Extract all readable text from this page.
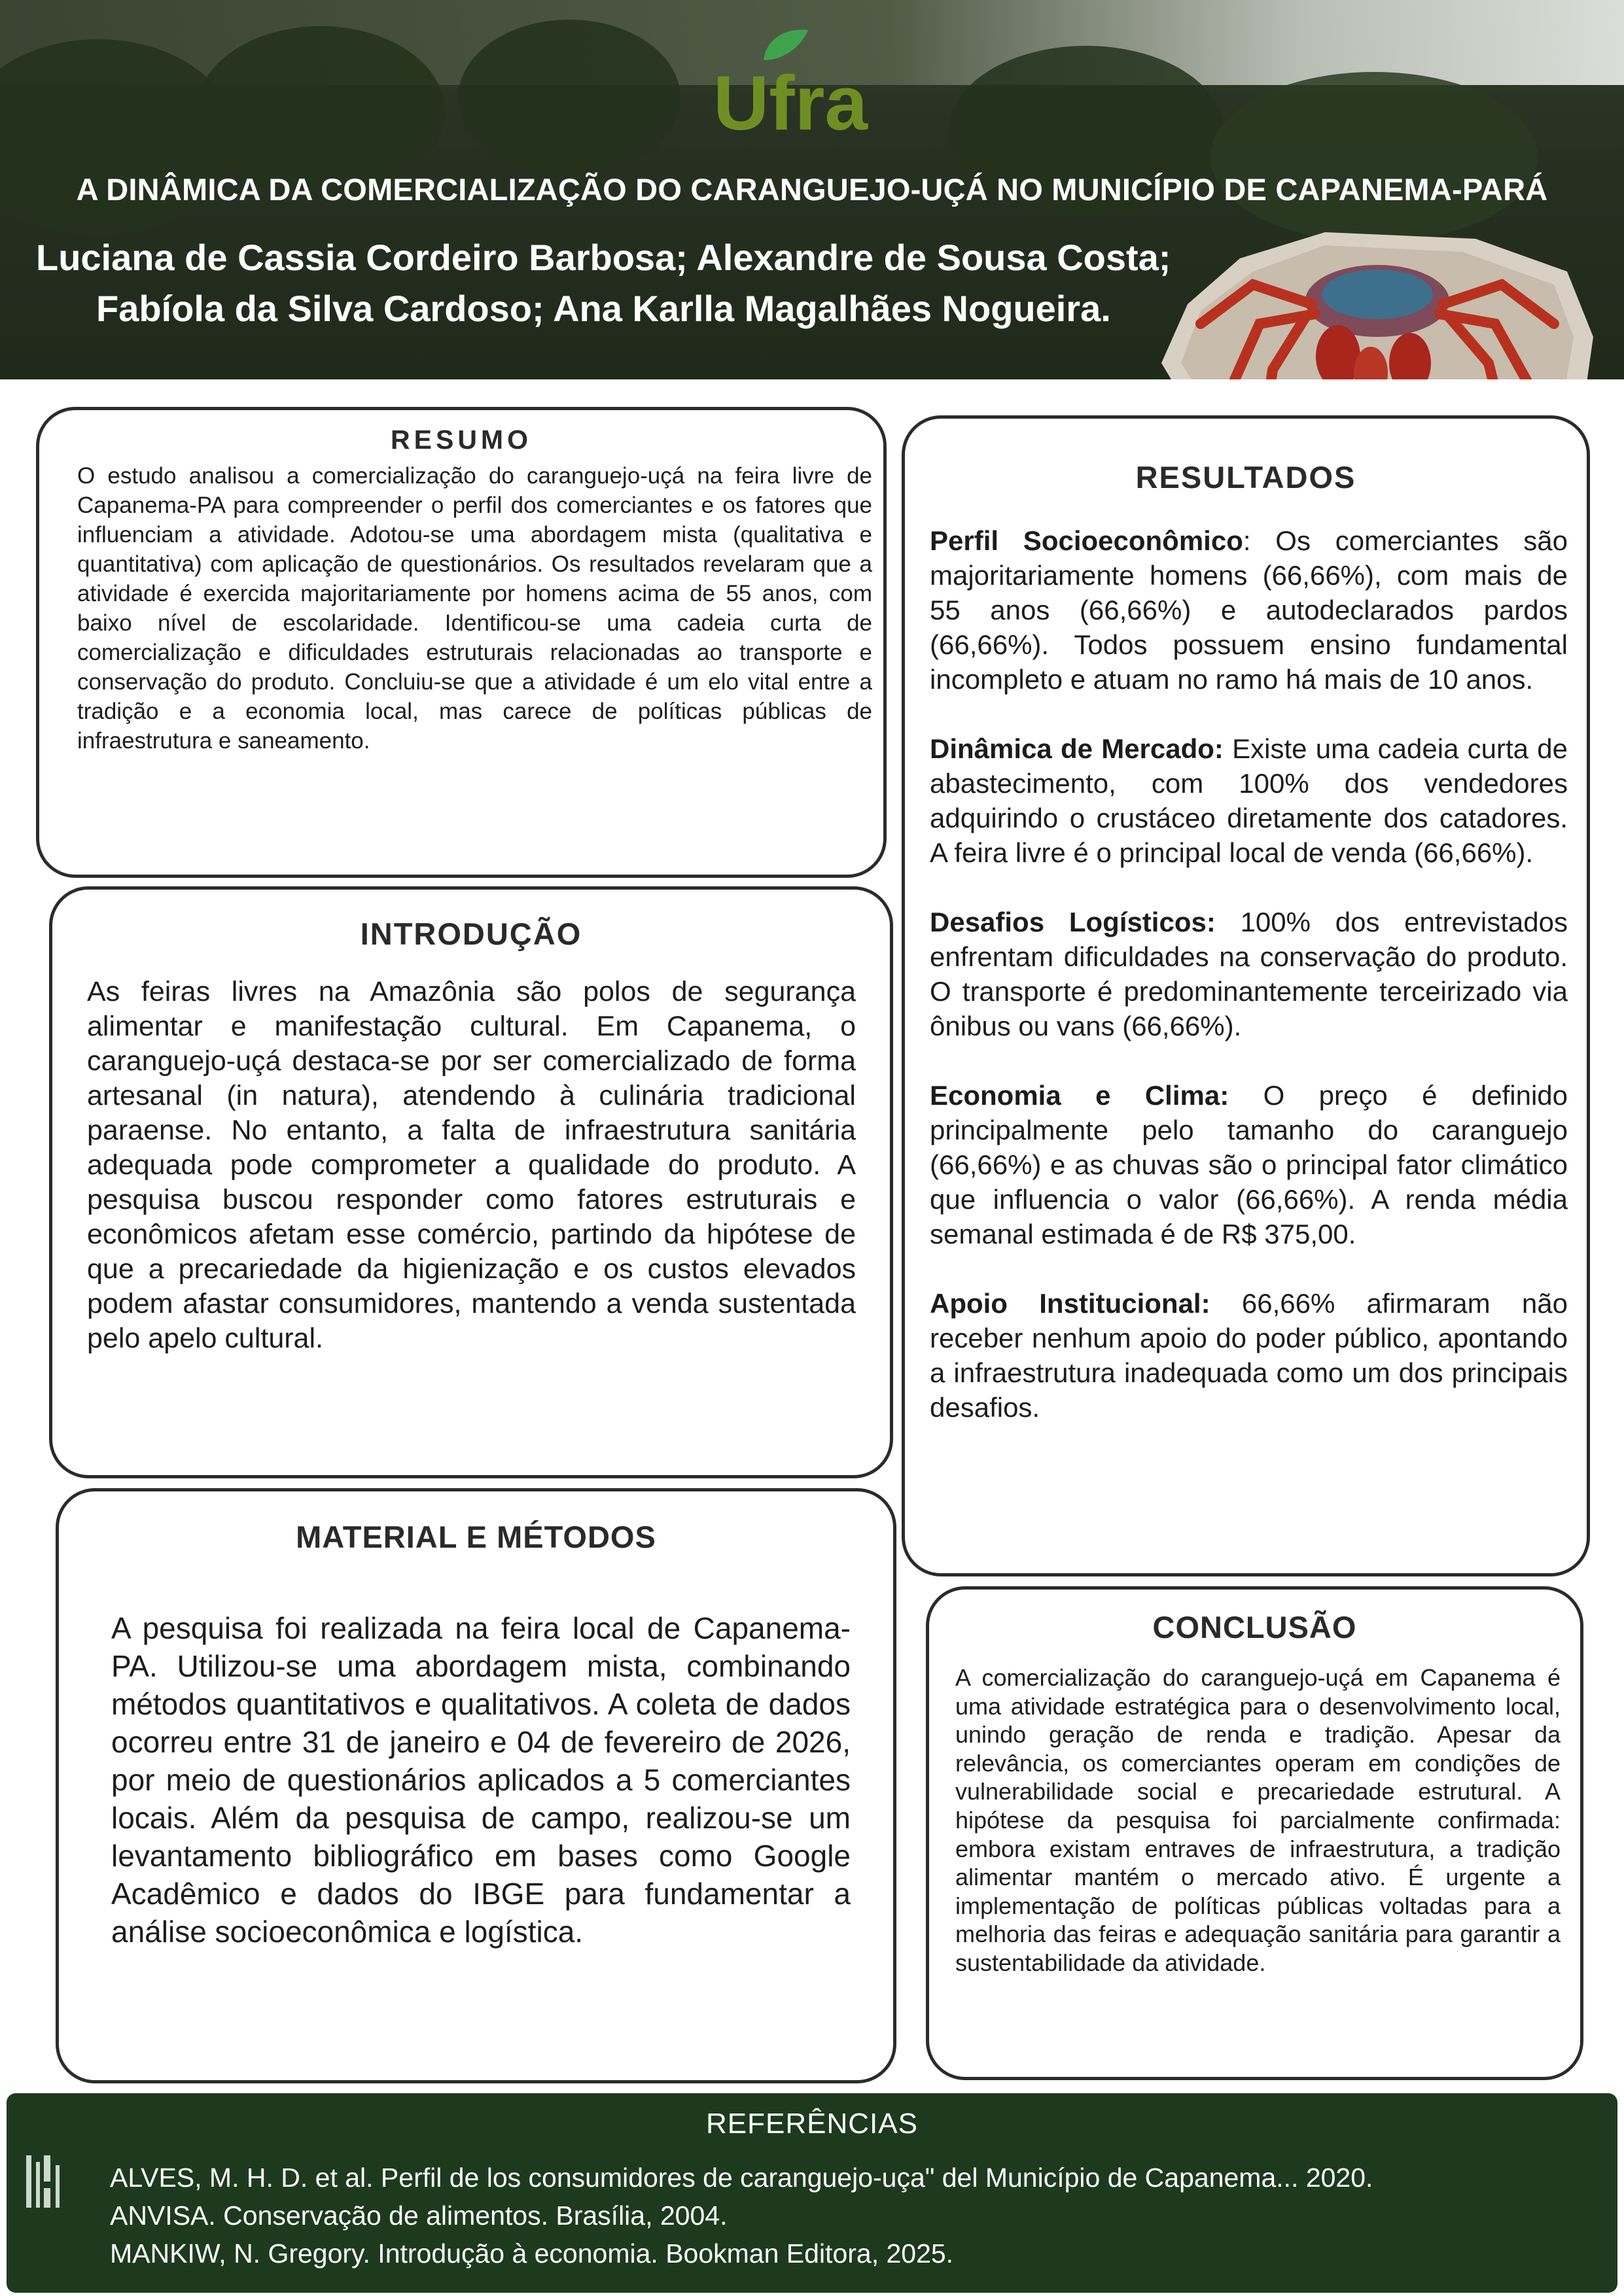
Ufra
A DINÂMICA DA COMERCIALIZAÇÃO DO CARANGUEJO-UÇÁ NO MUNICÍPIO DE CAPANEMA-PARÁ
Luciana de Cassia Cordeiro Barbosa; Alexandre de Sousa Costa;
Fabíola da Silva Cardoso; Ana Karlla Magalhães Nogueira.
RESUMO

O estudo analisou a comercialização do caranguejo-uçá na feira livre de Capanema-PA para compreender o perfil dos comerciantes e os fatores que influenciam a atividade. Adotou-se uma abordagem mista (qualitativa e quantitativa) com aplicação de questionários. Os resultados revelaram que a atividade é exercida majoritariamente por homens acima de 55 anos, com baixo nível de escolaridade. Identificou-se uma cadeia curta de comercialização e dificuldades estruturais relacionadas ao transporte e conservação do produto. Concluiu-se que a atividade é um elo vital entre a tradição e a economia local, mas carece de políticas públicas de infraestrutura e saneamento.

INTRODUÇÃO

As feiras livres na Amazônia são polos de segurança alimentar e manifestação cultural. Em Capanema, o caranguejo-uçá destaca-se por ser comercializado de forma artesanal (in natura), atendendo à culinária tradicional paraense. No entanto, a falta de infraestrutura sanitária adequada pode comprometer a qualidade do produto. A pesquisa buscou responder como fatores estruturais e econômicos afetam esse comércio, partindo da hipótese de que a precariedade da higienização e os custos elevados podem afastar consumidores, mantendo a venda sustentada pelo apelo cultural.

MATERIAL E MÉTODOS

A pesquisa foi realizada na feira local de Capanema-PA. Utilizou-se uma abordagem mista, combinando métodos quantitativos e qualitativos. A coleta de dados ocorreu entre 31 de janeiro e 04 de fevereiro de 2026, por meio de questionários aplicados a 5 comerciantes locais. Além da pesquisa de campo, realizou-se um levantamento bibliográfico em bases como Google Acadêmico e dados do IBGE para fundamentar a análise socioeconômica e logística.

RESULTADOS

Perfil Socioeconômico: Os comerciantes são majoritariamente homens (66,66%), com mais de 55 anos (66,66%) e autodeclarados pardos (66,66%). Todos possuem ensino fundamental incompleto e atuam no ramo há mais de 10 anos.

Dinâmica de Mercado: Existe uma cadeia curta de abastecimento, com 100% dos vendedores adquirindo o crustáceo diretamente dos catadores. A feira livre é o principal local de venda (66,66%).

Desafios Logísticos: 100% dos entrevistados enfrentam dificuldades na conservação do produto. O transporte é predominantemente terceirizado via ônibus ou vans (66,66%).

Economia e Clima: O preço é definido principalmente pelo tamanho do caranguejo (66,66%) e as chuvas são o principal fator climático que influencia o valor (66,66%). A renda média semanal estimada é de R$ 375,00.

Apoio Institucional: 66,66% afirmaram não receber nenhum apoio do poder público, apontando a infraestrutura inadequada como um dos principais desafios.

CONCLUSÃO

A comercialização do caranguejo-uçá em Capanema é uma atividade estratégica para o desenvolvimento local, unindo geração de renda e tradição. Apesar da relevância, os comerciantes operam em condições de vulnerabilidade social e precariedade estrutural. A hipótese da pesquisa foi parcialmente confirmada: embora existam entraves de infraestrutura, a tradição alimentar mantém o mercado ativo. É urgente a implementação de políticas públicas voltadas para a melhoria das feiras e adequação sanitária para garantir a sustentabilidade da atividade.

REFERÊNCIAS
ALVES, M. H. D. et al. Perfil de los consumidores de caranguejo-uça" del Município de Capanema... 2020.
ANVISA. Conservação de alimentos. Brasília, 2004.
MANKIW, N. Gregory. Introdução à economia. Bookman Editora, 2025.
